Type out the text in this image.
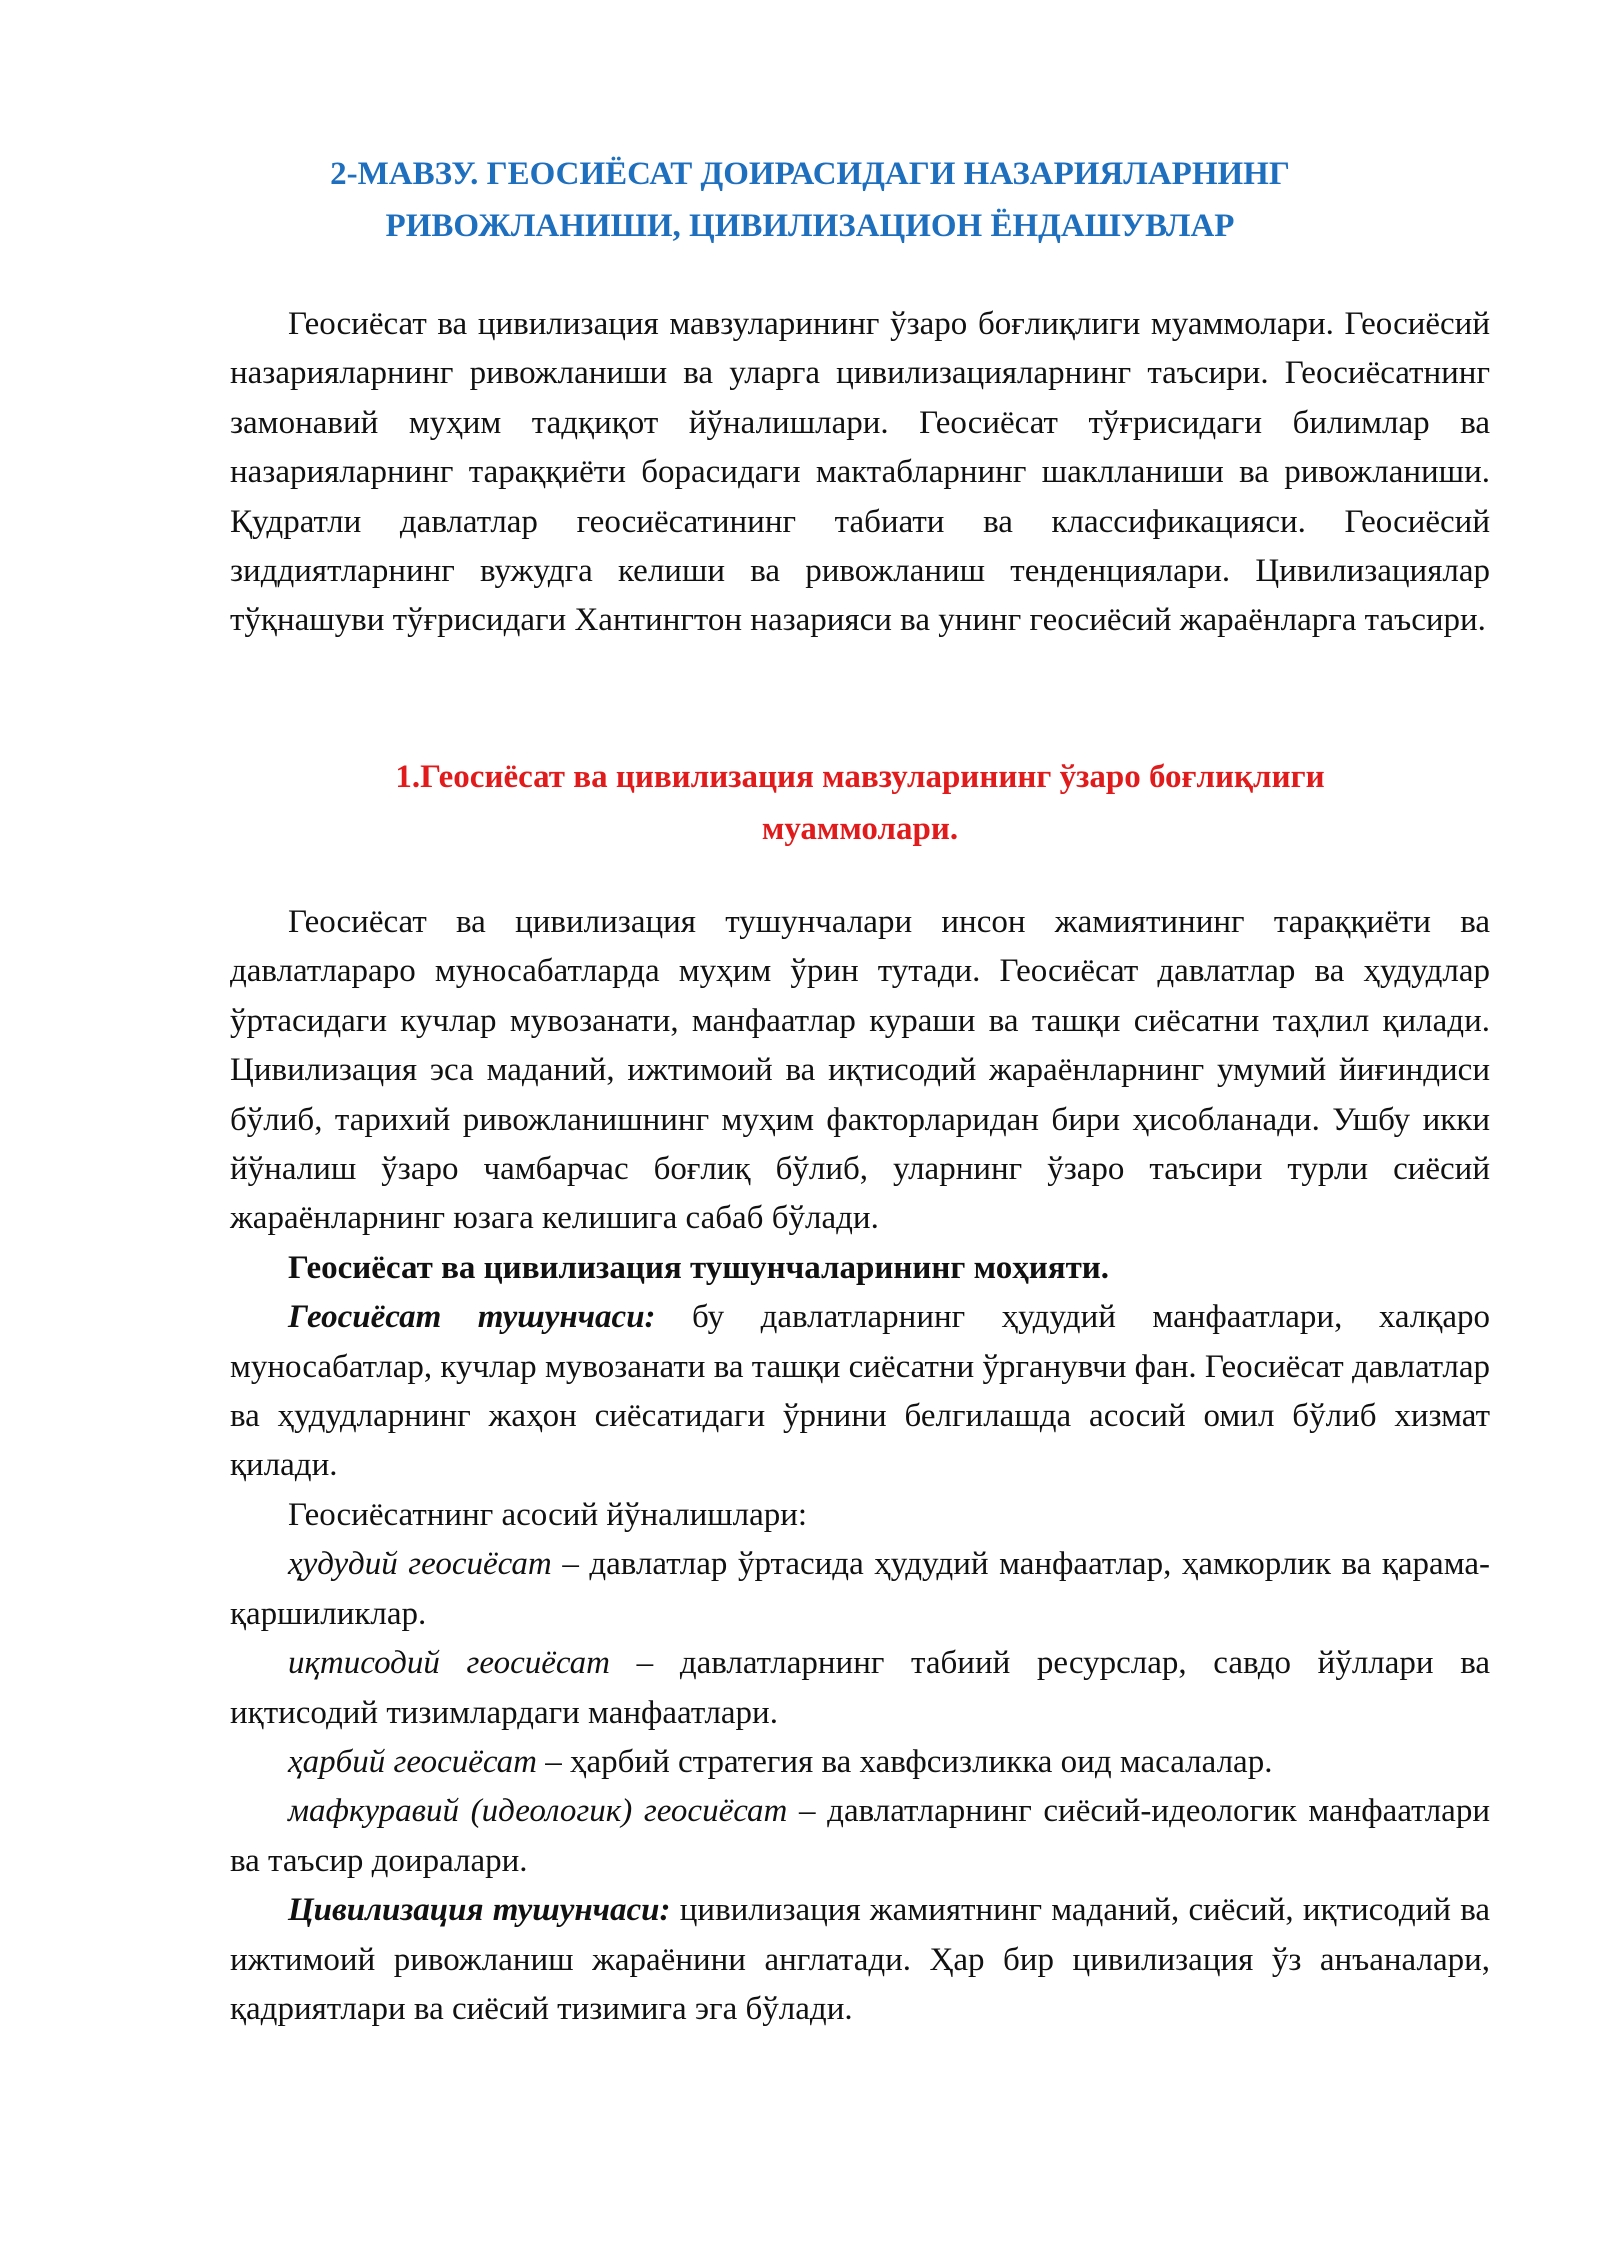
2-МАВЗУ. ГЕОСИЁСАТ ДОИРАСИДАГИ НАЗАРИЯЛАРНИНГ
РИВОЖЛАНИШИ, ЦИВИЛИЗАЦИОН ЁНДАШУВЛАР

Геосиёсат ва цивилизация мавзуларининг ўзаро боғлиқлиги муаммолари. Геосиёсий назарияларнинг ривожланиши ва уларга цивилизацияларнинг таъсири. Геосиёсатнинг замонавий муҳим тадқиқот йўналишлари. Геосиёсат тўғрисидаги билимлар ва назарияларнинг тараққиёти борасидаги мактабларнинг шаклланиши ва ривожланиши. Қудратли давлатлар геосиёсатининг табиати ва классификацияси. Геосиёсий зиддиятларнинг вужудга келиши ва ривожланиш тенденциялари. Цивилизациялар тўқнашуви тўғрисидаги Хантингтон назарияси ва унинг геосиёсий жараёнларга таъсири.

1.Геосиёсат ва цивилизация мавзуларининг ўзаро боғлиқлиги
муаммолари.

Геосиёсат ва цивилизация тушунчалари инсон жамиятининг тараққиёти ва давлатлараро муносабатларда муҳим ўрин тутади. Геосиёсат давлатлар ва ҳудудлар ўртасидаги кучлар мувозанати, манфаатлар кураши ва ташқи сиёсатни таҳлил қилади. Цивилизация эса маданий, ижтимоий ва иқтисодий жараёнларнинг умумий йиғиндиси бўлиб, тарихий ривожланишнинг муҳим факторларидан бири ҳисобланади. Ушбу икки йўналиш ўзаро чамбарчас боғлиқ бўлиб, уларнинг ўзаро таъсири турли сиёсий жараёнларнинг юзага келишига сабаб бўлади.

Геосиёсат ва цивилизация тушунчаларининг моҳияти.

Геосиёсат тушунчаси: бу давлатларнинг ҳудудий манфаатлари, халқаро муносабатлар, кучлар мувозанати ва ташқи сиёсатни ўрганувчи фан. Геосиёсат давлатлар ва ҳудудларнинг жаҳон сиёсатидаги ўрнини белгилашда асосий омил бўлиб хизмат қилади.

Геосиёсатнинг асосий йўналишлари:

ҳудудий геосиёсат – давлатлар ўртасида ҳудудий манфаатлар, ҳамкорлик ва қарама-қаршиликлар.

иқтисодий геосиёсат – давлатларнинг табиий ресурслар, савдо йўллари ва иқтисодий тизимлардаги манфаатлари.

ҳарбий геосиёсат – ҳарбий стратегия ва хавфсизликка оид масалалар.

мафкуравий (идеологик) геосиёсат – давлатларнинг сиёсий-идеологик манфаатлари ва таъсир доиралари.

Цивилизация тушунчаси: цивилизация жамиятнинг маданий, сиёсий, иқтисодий ва ижтимоий ривожланиш жараёнини англатади. Ҳар бир цивилизация ўз анъаналари, қадриятлари ва сиёсий тизимига эга бўлади.
